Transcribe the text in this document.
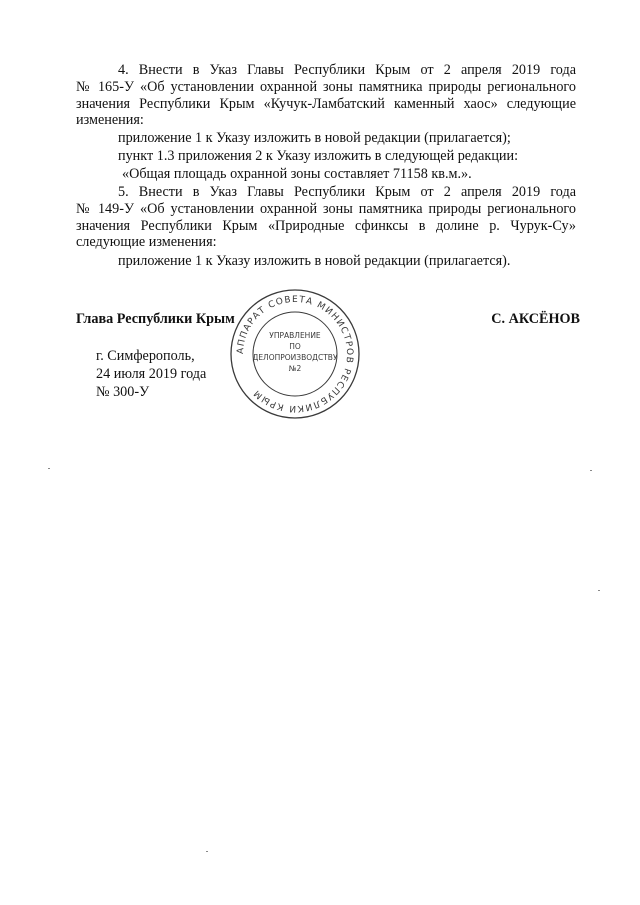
4. Внести в Указ Главы Республики Крым от 2 апреля 2019 года
№ 165-У «Об установлении охранной зоны памятника природы регионального
значения Республики Крым «Кучук-Ламбатский каменный хаос» следующие
изменения:
приложение 1 к Указу изложить в новой редакции (прилагается);
пункт 1.3 приложения 2 к Указу изложить в следующей редакции:
«Общая площадь охранной зоны составляет 71158 кв.м.».
5. Внести в Указ Главы Республики Крым от 2 апреля 2019 года
№ 149-У «Об установлении охранной зоны памятника природы регионального
значения Республики Крым «Природные сфинксы в долине р. Чурук-Су»
следующие изменения:
приложение 1 к Указу изложить в новой редакции (прилагается).
Глава Республики Крым	С. АКСЁНОВ
АППАРАТ СОВЕТА МИНИСТРОВ РЕСПУБЛИКИ КРЫМ
УПРАВЛЕНИЕ
ПО
ДЕЛОПРОИЗВОДСТВУ
№2
г. Симферополь,
24 июля 2019 года
№ 300-У
